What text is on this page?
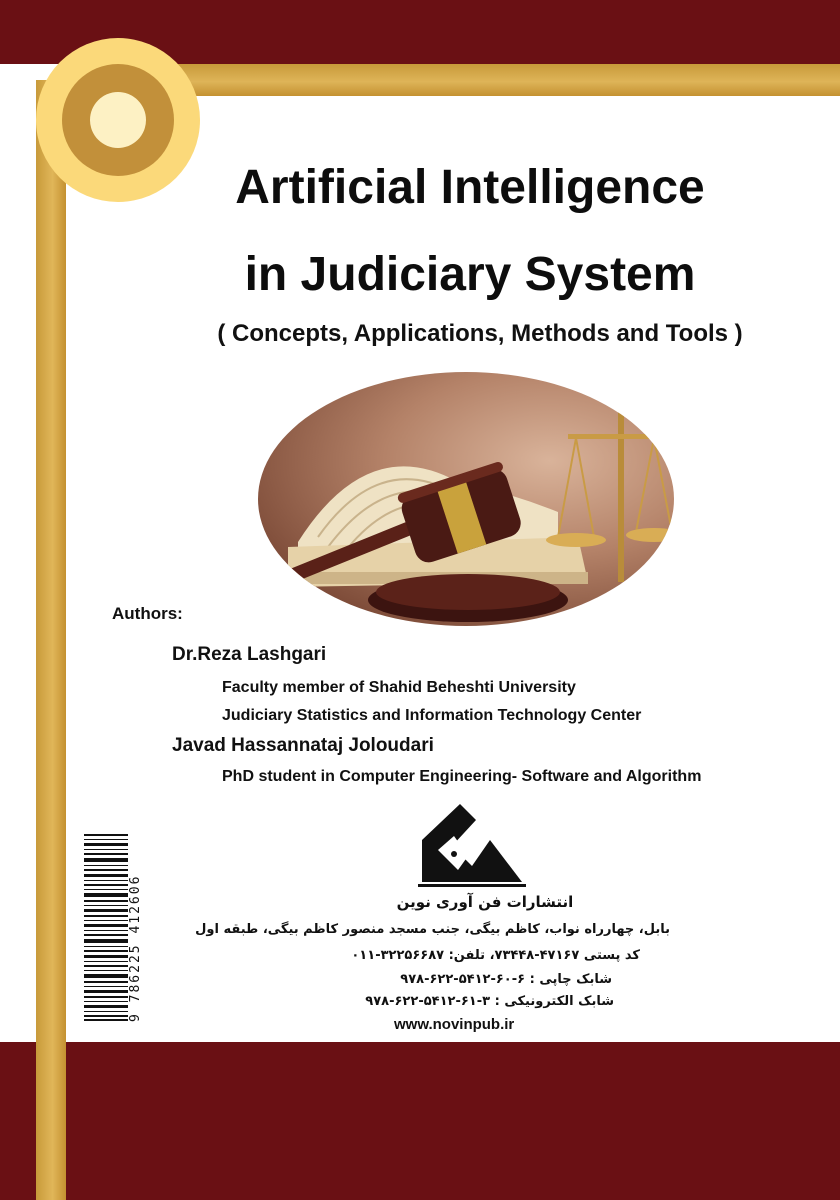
Artificial Intelligence
in Judiciary System
( Concepts, Applications, Methods and Tools )
Authors:
Dr.Reza Lashgari
Faculty member of Shahid Beheshti University
Judiciary Statistics and Information Technology Center
Javad Hassannataj Joloudari
PhD student in Computer Engineering- Software and Algorithm
انتشارات فن آوری نوین
بابل، چهارراه نواب، کاظم بیگی، جنب مسجد منصور کاظم بیگی، طبقه اول
کد پستی ۴۷۱۶۷-۷۳۴۴۸، تلفن: ۳۲۲۵۶۶۸۷-۰۱۱
شابک چاپی : ۶-۶۰-۵۴۱۲-۶۲۲-۹۷۸
شابک الکترونیکی : ۳-۶۱-۵۴۱۲-۶۲۲-۹۷۸
www.novinpub.ir
9 786225 412606
